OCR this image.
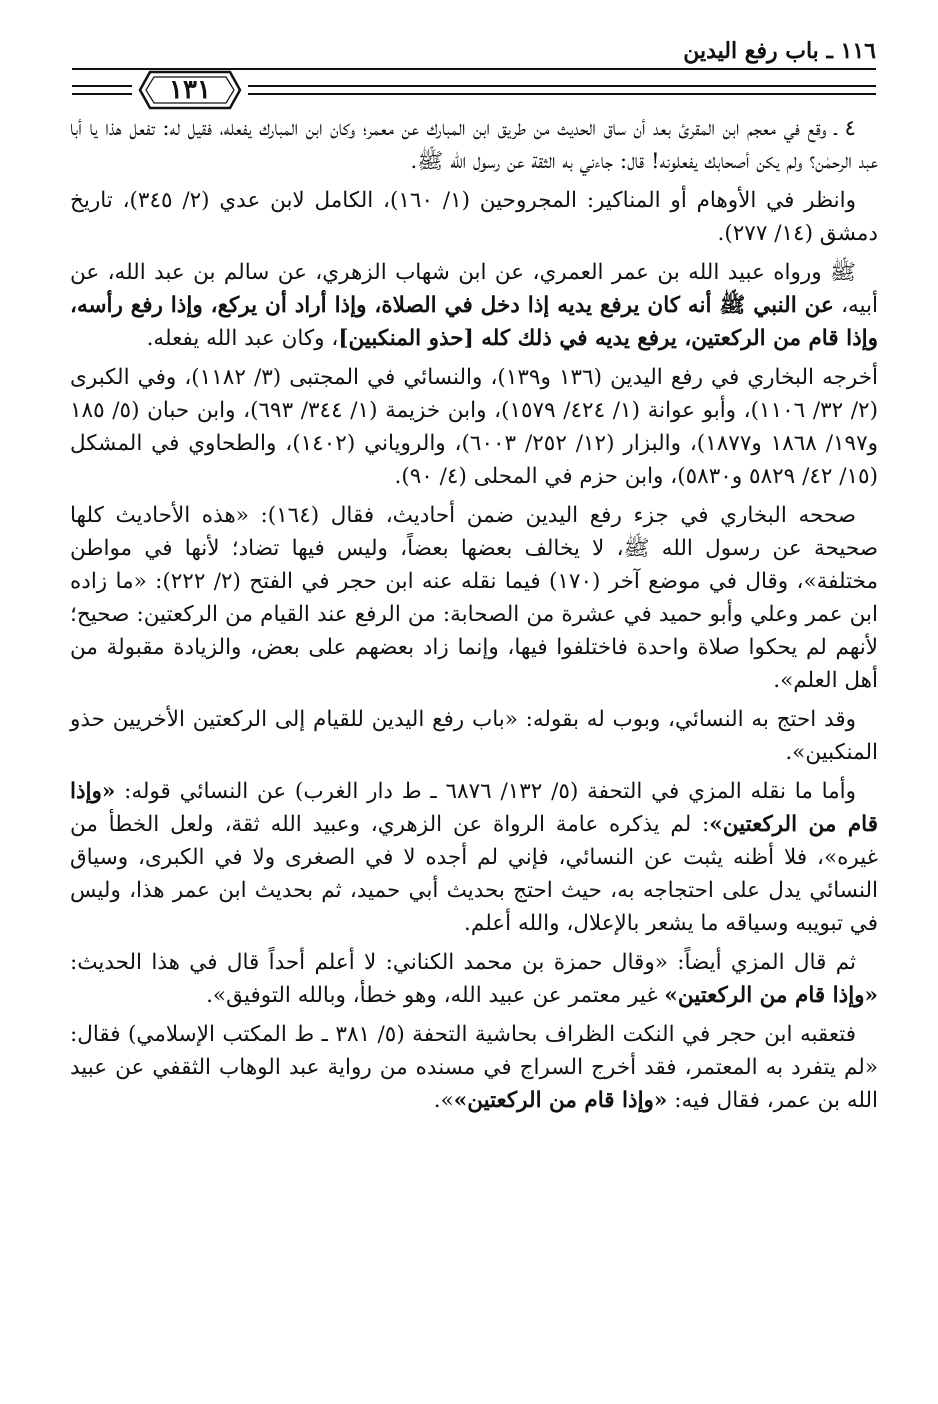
١١٦ ـ باب رفع اليدين
١٣١

٤ ـ وقع في معجم ابن المقرئ بعد أن ساق الحديث من طريق ابن المبارك عن معمر؛ وكان ابن المبارك يفعله، فقيل له: تفعل هذا يا أبا عبد الرحمٰن؟ ولم يكن أصحابك يفعلونه! قال: جاءني به الثقة عن رسول الله ﷺ.

وانظر في الأوهام أو المناكير: المجروحين (١/ ١٦٠)، الكامل لابن عدي (٢/ ٣٤٥)، تاريخ دمشق (١٤/ ٢٧٧).

ﷺ ورواه عبيد الله بن عمر العمري، عن ابن شهاب الزهري، عن سالم بن عبد الله، عن أبيه، عن النبي ﷺ أنه كان يرفع يديه إذا دخل في الصلاة، وإذا أراد أن يركع، وإذا رفع رأسه، وإذا قام من الركعتين، يرفع يديه في ذلك كله [حذو المنكبين]، وكان عبد الله يفعله.

أخرجه البخاري في رفع اليدين (١٣٦ و١٣٩)، والنسائي في المجتبى (٣/ ١١٨٢)، وفي الكبرى (٢/ ٣٢/ ١١٠٦)، وأبو عوانة (١/ ٤٢٤/ ١٥٧٩)، وابن خزيمة (١/ ٣٤٤/ ٦٩٣)، وابن حبان (٥/ ١٨٥ و١٩٧/ ١٨٦٨ و١٨٧٧)، والبزار (١٢/ ٢٥٢/ ٦٠٠٣)، والروياني (١٤٠٢)، والطحاوي في المشكل (١٥/ ٤٢/ ٥٨٢٩ و٥٨٣٠)، وابن حزم في المحلى (٤/ ٩٠).

صححه البخاري في جزء رفع اليدين ضمن أحاديث، فقال (١٦٤): «هذه الأحاديث كلها صحيحة عن رسول الله ﷺ، لا يخالف بعضها بعضاً، وليس فيها تضاد؛ لأنها في مواطن مختلفة»، وقال في موضع آخر (١٧٠) فيما نقله عنه ابن حجر في الفتح (٢/ ٢٢٢): «ما زاده ابن عمر وعلي وأبو حميد في عشرة من الصحابة: من الرفع عند القيام من الركعتين: صحيح؛ لأنهم لم يحكوا صلاة واحدة فاختلفوا فيها، وإنما زاد بعضهم على بعض، والزيادة مقبولة من أهل العلم».

وقد احتج به النسائي، وبوب له بقوله: «باب رفع اليدين للقيام إلى الركعتين الأخريين حذو المنكبين».

وأما ما نقله المزي في التحفة (٥/ ١٣٢/ ٦٨٧٦ ـ ط دار الغرب) عن النسائي قوله: «وإذا قام من الركعتين»: لم يذكره عامة الرواة عن الزهري، وعبيد الله ثقة، ولعل الخطأ من غيره»، فلا أظنه يثبت عن النسائي، فإني لم أجده لا في الصغرى ولا في الكبرى، وسياق النسائي يدل على احتجاجه به، حيث احتج بحديث أبي حميد، ثم بحديث ابن عمر هذا، وليس في تبويبه وسياقه ما يشعر بالإعلال، والله أعلم.

ثم قال المزي أيضاً: «وقال حمزة بن محمد الكناني: لا أعلم أحداً قال في هذا الحديث: «وإذا قام من الركعتين» غير معتمر عن عبيد الله، وهو خطأ، وبالله التوفيق».

فتعقبه ابن حجر في النكت الظراف بحاشية التحفة (٥/ ٣٨١ ـ ط المكتب الإسلامي) فقال: «لم يتفرد به المعتمر، فقد أخرج السراج في مسنده من رواية عبد الوهاب الثقفي عن عبيد الله بن عمر، فقال فيه: «وإذا قام من الركعتين»».
